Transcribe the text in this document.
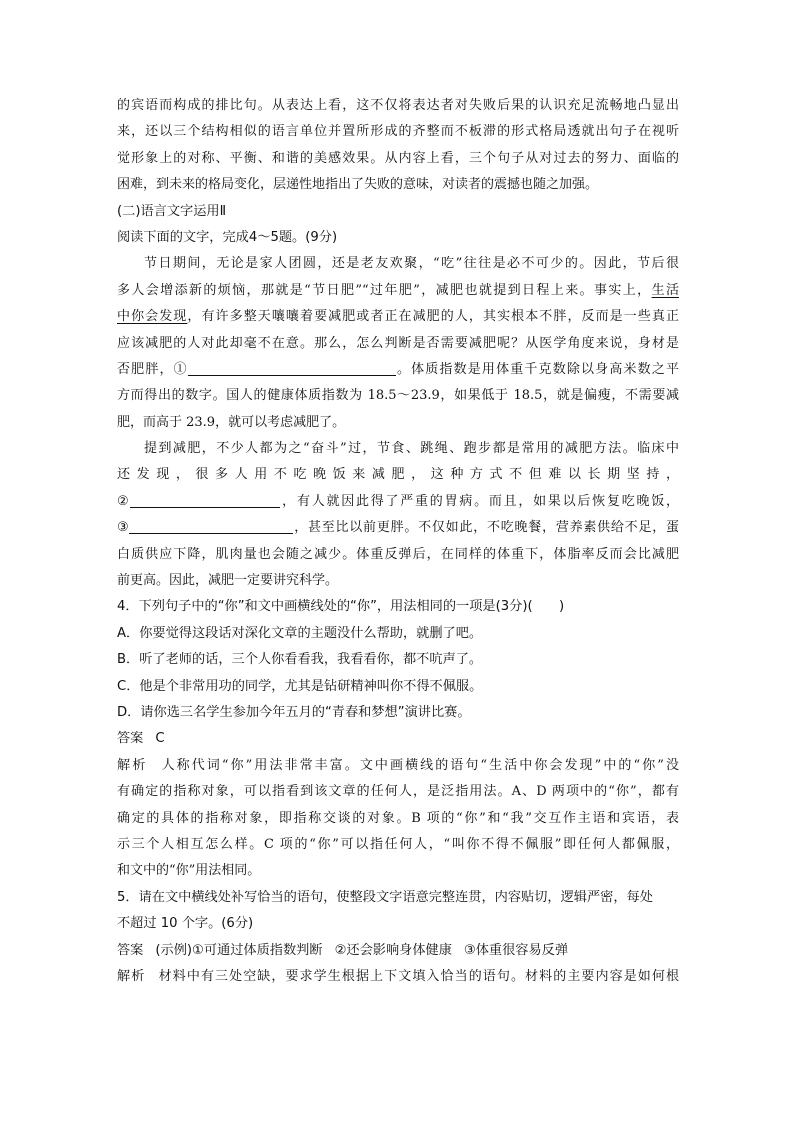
的宾语而构成的排比句。从表达上看，这不仅将表达者对失败后果的认识充足流畅地凸显出
来，还以三个结构相似的语言单位并置所形成的齐整而不板滞的形式格局透就出句子在视听
觉形象上的对称、平衡、和谐的美感效果。从内容上看，三个句子从对过去的努力、面临的
困难，到未来的格局变化，层递性地指出了失败的意味，对读者的震撼也随之加强。
(二)语言文字运用Ⅱ
阅读下面的文字，完成4～5题。(9分)
节日期间，无论是家人团圆，还是老友欢聚，“吃”往往是必不可少的。因此，节后很
多人会增添新的烦恼，那就是“节日肥”“过年肥”，减肥也就提到日程上来。事实上，生活
中你会发现，有许多整天嚷嚷着要减肥或者正在减肥的人，其实根本不胖，反而是一些真正
应该减肥的人对此却毫不在意。那么，怎么判断是否需要减肥呢？从医学角度来说，身材是
否肥胖，①	。体质指数是用体重千克数除以身高米数之平
方而得出的数字。国人的健康体质指数为 18.5～23.9，如果低于 18.5，就是偏瘦，不需要减
肥，而高于 23.9，就可以考虑减肥了。
提到减肥，不少人都为之“奋斗”过，节食、跳绳、跑步都是常用的减肥方法。临床中
还 发 现 ， 很 多 人 用 不 吃 晚 饭 来 减 肥 ， 这 种 方 式 不 但 难 以 长 期 坚 持 ，
②	，有人就因此得了严重的胃病。而且，如果以后恢复吃晚饭，
③	，甚至比以前更胖。不仅如此，不吃晚餐，营养素供给不足，蛋
白质供应下降，肌肉量也会随之减少。体重反弹后，在同样的体重下，体脂率反而会比减肥
前更高。因此，减肥一定要讲究科学。
4．下列句子中的“你”和文中画横线处的“你”，用法相同的一项是(3分)(　　)
A．你要觉得这段话对深化文章的主题没什么帮助，就删了吧。
B．听了老师的话，三个人你看看我，我看看你，都不吭声了。
C．他是个非常用功的同学，尤其是钻研精神叫你不得不佩服。
D．请你选三名学生参加今年五月的“青春和梦想”演讲比赛。
答案 C
解析 人称代词“你”用法非常丰富。文中画横线的语句“生活中你会发现”中的“你”没
有确定的指称对象，可以指看到该文章的任何人，是泛指用法。A、D 两项中的“你”，都有
确定的具体的指称对象，即指称交谈的对象。B 项的“你”和“我”交互作主语和宾语，表
示三个人相互怎么样。C 项的“你”可以指任何人，“叫你不得不佩服”即任何人都佩服，
和文中的“你”用法相同。
5．请在文中横线处补写恰当的语句，使整段文字语意完整连贯，内容贴切，逻辑严密，每处
不超过 10 个字。(6分)
答案 (示例)①可通过体质指数判断 ②还会影响身体健康 ③体重很容易反弹
解析 材料中有三处空缺，要求学生根据上下文填入恰当的语句。材料的主要内容是如何根
